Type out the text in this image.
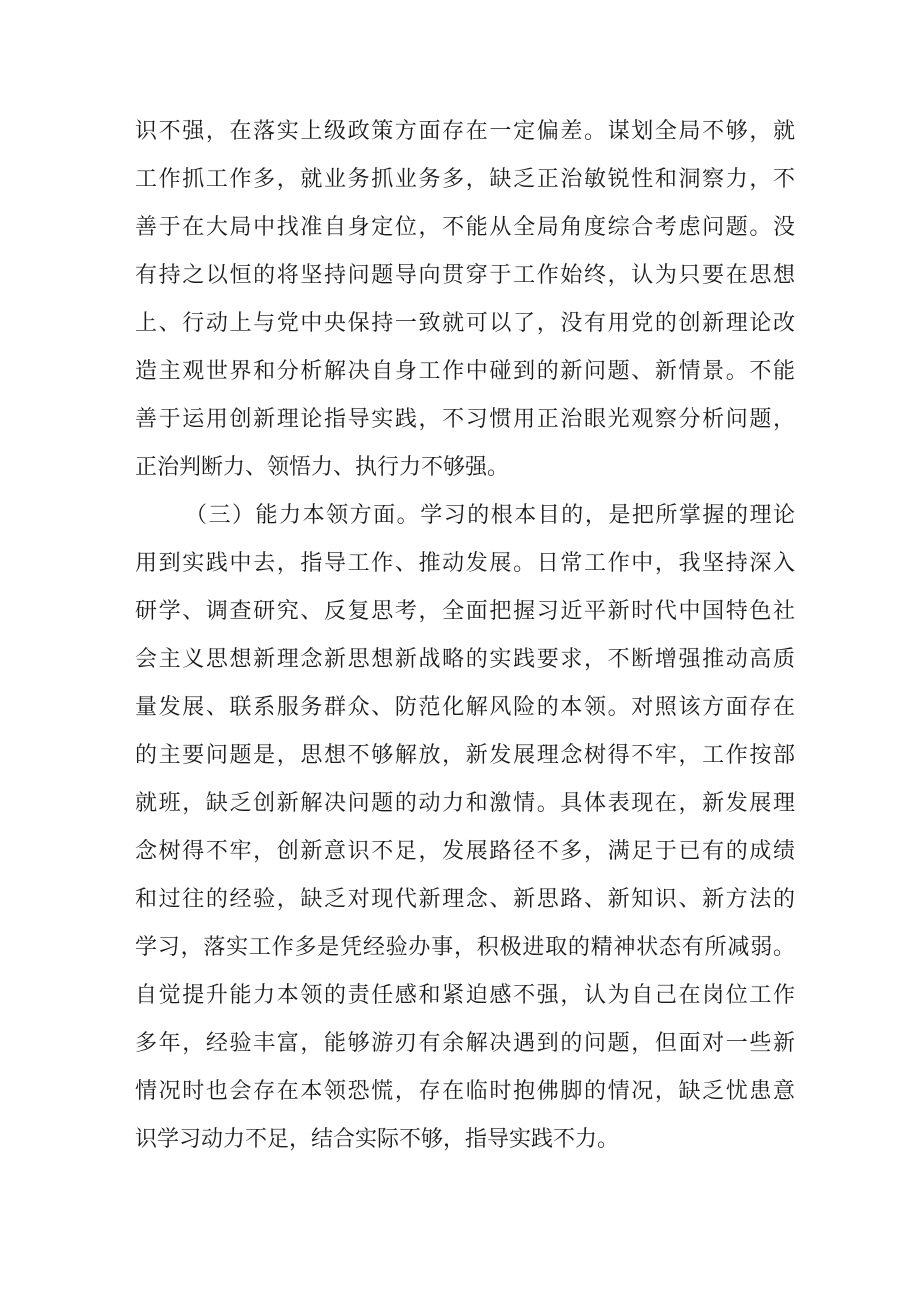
识不强，在落实上级政策方面存在一定偏差。谋划全局不够，就
工作抓工作多，就业务抓业务多，缺乏正治敏锐性和洞察力，不
善于在大局中找准自身定位，不能从全局角度综合考虑问题。没
有持之以恒的将坚持问题导向贯穿于工作始终，认为只要在思想
上、行动上与党中央保持一致就可以了，没有用党的创新理论改
造主观世界和分析解决自身工作中碰到的新问题、新情景。不能
善于运用创新理论指导实践，不习惯用正治眼光观察分析问题，
正治判断力、领悟力、执行力不够强。
（三）能力本领方面。学习的根本目的，是把所掌握的理论
用到实践中去，指导工作、推动发展。日常工作中，我坚持深入
研学、调查研究、反复思考，全面把握习近平新时代中国特色社
会主义思想新理念新思想新战略的实践要求，不断增强推动高质
量发展、联系服务群众、防范化解风险的本领。对照该方面存在
的主要问题是，思想不够解放，新发展理念树得不牢，工作按部
就班，缺乏创新解决问题的动力和激情。具体表现在，新发展理
念树得不牢，创新意识不足，发展路径不多，满足于已有的成绩
和过往的经验，缺乏对现代新理念、新思路、新知识、新方法的
学习，落实工作多是凭经验办事，积极进取的精神状态有所减弱。
自觉提升能力本领的责任感和紧迫感不强，认为自己在岗位工作
多年，经验丰富，能够游刃有余解决遇到的问题，但面对一些新
情况时也会存在本领恐慌，存在临时抱佛脚的情况，缺乏忧患意
识学习动力不足，结合实际不够，指导实践不力。
